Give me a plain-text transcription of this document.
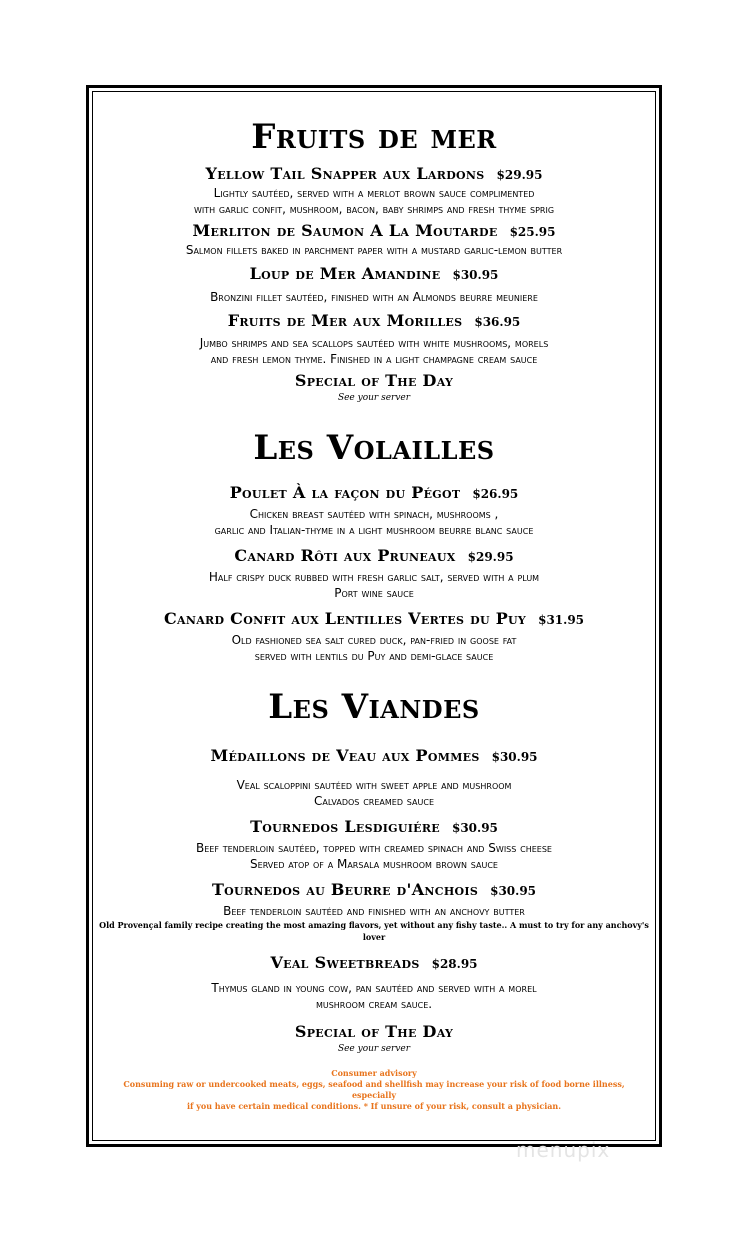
Fruits de mer

Yellow Tail Snapper aux Lardons $29.95

Lightly sautéed, served with a merlot brown sauce complimented

with garlic confit, mushroom, bacon, baby shrimps and fresh thyme sprig

Merliton de Saumon A La Moutarde $25.95

Salmon fillets baked in parchment paper with a mustard garlic-lemon butter

Loup de Mer Amandine $30.95

Bronzini fillet sautéed, finished with an Almonds beurre meuniere

Fruits de Mer aux Morilles $36.95

Jumbo shrimps and sea scallops sautéed with white mushrooms, morels

and fresh lemon thyme. Finished in a light champagne cream sauce

Special of The Day

See your server

Les Volailles

Poulet À la façon du Pégot $26.95

Chicken breast sautéed with spinach, mushrooms ,

garlic and Italian-thyme in a light mushroom beurre blanc sauce

Canard Rôti aux Pruneaux $29.95

Half crispy duck rubbed with fresh garlic salt, served with a plum

Port wine sauce

Canard Confit aux Lentilles Vertes du Puy $31.95

Old fashioned sea salt cured duck, pan-fried in goose fat

served with lentils du Puy and demi-glace sauce

Les Viandes

Médaillons de Veau aux Pommes $30.95

Veal scaloppini sautéed with sweet apple and mushroom

Calvados creamed sauce

Tournedos Lesdiguiére $30.95

Beef tenderloin sautéed, topped with creamed spinach and Swiss cheese

Served atop of a Marsala mushroom brown sauce

Tournedos au Beurre d'Anchois $30.95

Beef tenderloin sautéed and finished with an anchovy butter

Old Provençal family recipe creating the most amazing flavors, yet without any fishy taste.. A must to try for any anchovy's lover

Veal Sweetbreads $28.95

Thymus gland in young cow, pan sautéed and served with a morel

mushroom cream sauce.

Special of The Day

See your server

Consumer advisory

Consuming raw or undercooked meats, eggs, seafood and shellfish may increase your risk of food borne illness, especially

if you have certain medical conditions. * If unsure of your risk, consult a physician.

menupix
